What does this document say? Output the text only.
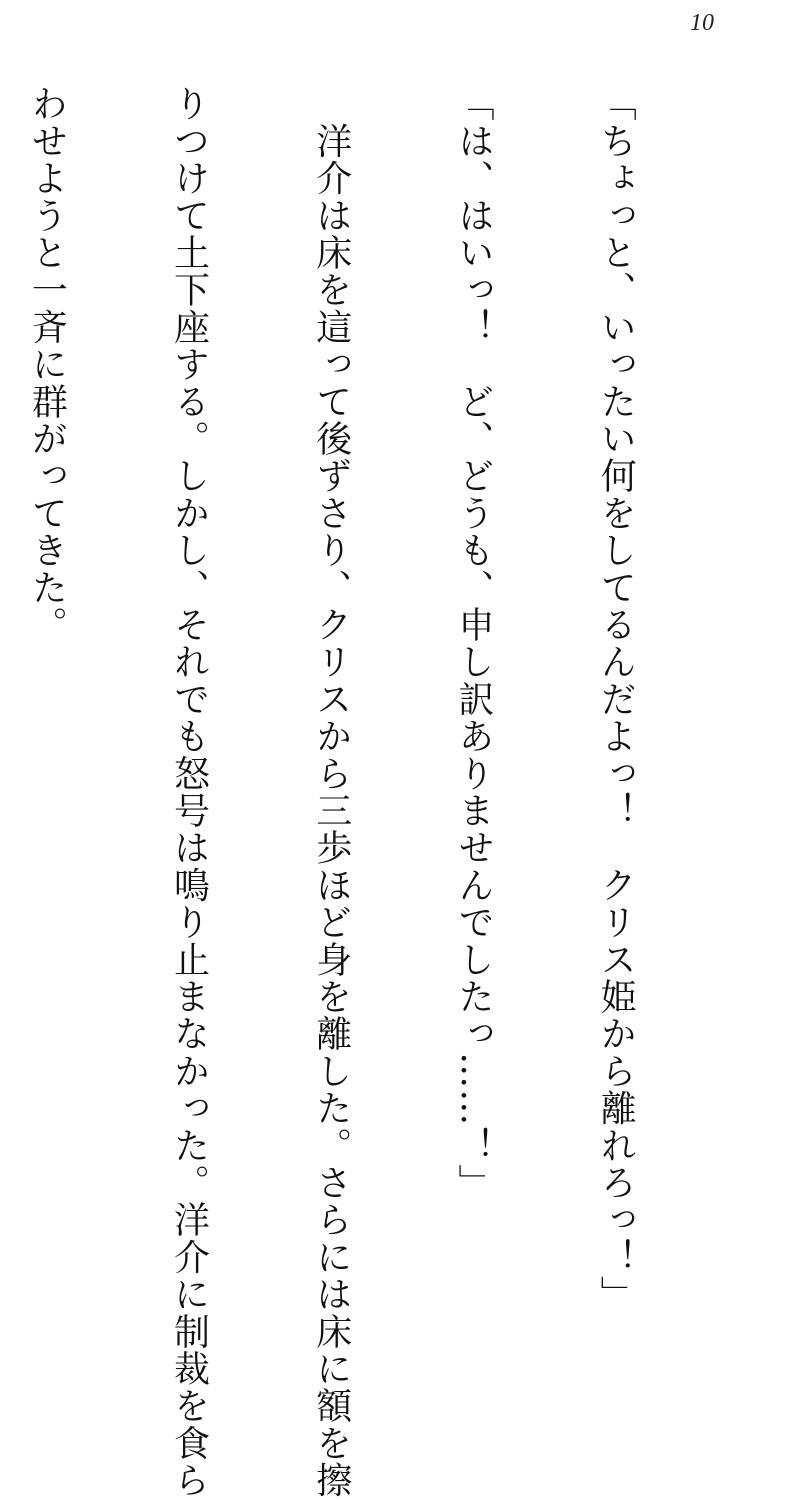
10

「ちょっと、いったい何をしてるんだよっ！　クリス姫から離れろっ！」

「は、はいっ！　ど、どうも、申し訳ありませんでしたっ……！」

　洋介は床を這って後ずさり、クリスから三歩ほど身を離した。さらには床に額を擦

りつけて土下座する。しかし、それでも怒号は鳴り止まなかった。洋介に制裁を食ら

わせようと一斉に群がってきた。
